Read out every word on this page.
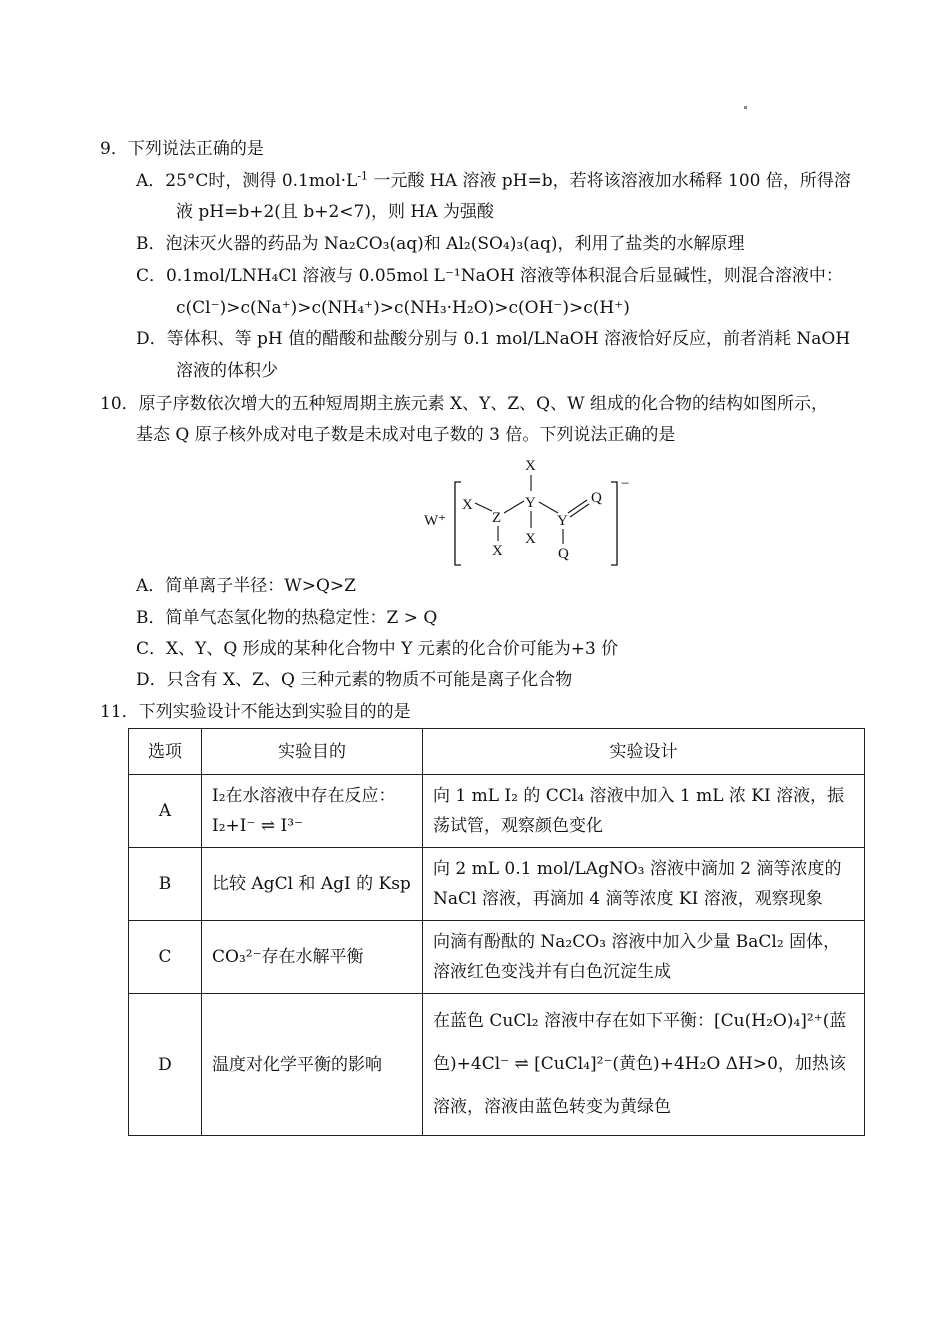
9．下列说法正确的是
A．25°C时，测得 $0.1mol\cdot L^{-1}$ 一元酸 HA 溶液 pH=b，若将该溶液加水稀释 100 倍，所得溶
液 pH=b+2(且 b+2<7)，则 HA 为强酸
B．泡沫灭火器的药品为 Na₂CO₃(aq)和 Al₂(SO₄)₃(aq)，利用了盐类的水解原理
C．0.1mol/LNH₄Cl 溶液与 0.05mol L⁻¹NaOH 溶液等体积混合后显碱性，则混合溶液中：
c(Cl⁻)>c(Na⁺)>c(NH₄⁺)>c(NH₃·H₂O)>c(OH⁻)>c(H⁺)
D．等体积、等 pH 值的醋酸和盐酸分别与 0.1 mol/LNaOH 溶液恰好反应，前者消耗 NaOH
溶液的体积少
10．原子序数依次增大的五种短周期主族元素 X、Y、Z、Q、W 组成的化合物的结构如图所示，
基态 Q 原子核外成对电子数是未成对电子数的 3 倍。下列说法正确的是
W⁺
−
X
Y
X
Z
X
X
Y
Q
Q
A．简单离子半径：W>Q>Z
B．简单气态氢化物的热稳定性：Z > Q
C．X、Y、Q 形成的某种化合物中 Y 元素的化合价可能为+3 价
D．只含有 X、Z、Q 三种元素的物质不可能是离子化合物
11．下列实验设计不能达到实验目的的是
选项	实验目的	实验设计
A	I₂在水溶液中存在反应：I₂+I⁻ ⇌ I³⁻	向 1 mL I₂ 的 CCl₄ 溶液中加入 1 mL 浓 KI 溶液，振荡试管，观察颜色变化
B	比较 AgCl 和 AgI 的 Ksp	向 2 mL 0.1 mol/LAgNO₃ 溶液中滴加 2 滴等浓度的 NaCl 溶液，再滴加 4 滴等浓度 KI 溶液，观察现象
C	CO₃²⁻存在水解平衡	向滴有酚酞的 Na₂CO₃ 溶液中加入少量 BaCl₂ 固体，溶液红色变浅并有白色沉淀生成
D	温度对化学平衡的影响	在蓝色 CuCl₂ 溶液中存在如下平衡：[Cu(H₂O)₄]²⁺(蓝色)+4Cl⁻ ⇌ [CuCl₄]²⁻(黄色)+4H₂O ΔH>0，加热该溶液，溶液由蓝色转变为黄绿色
